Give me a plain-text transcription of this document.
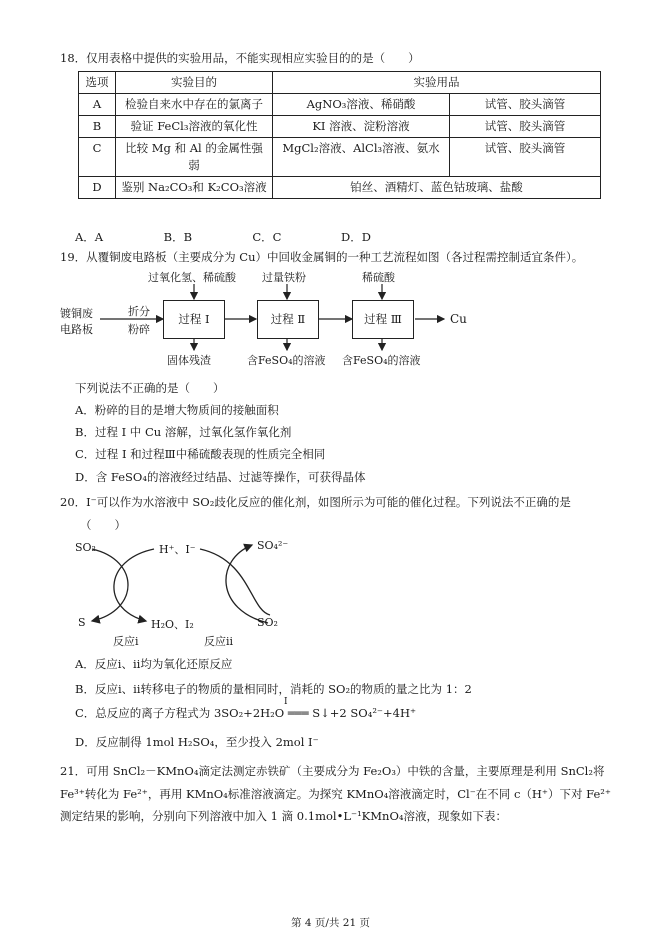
18．仅用表格中提供的实验用品，不能实现相应实验目的的是（　　）
选项	实验目的	实验用品	
A	检验自来水中存在的氯离子	AgNO₃溶液、稀硝酸	试管、胶头滴管
B	验证 FeCl₃溶液的氧化性	KI 溶液、淀粉溶液	试管、胶头滴管
C	比较 Mg 和 Al 的金属性强
弱	MgCl₂溶液、AlCl₃溶液、氨水	试管、胶头滴管
D	鉴别 Na₂CO₃和 K₂CO₃溶液	铂丝、酒精灯、蓝色钴玻璃、盐酸	
A．A	B．B	C．C	D．D
19．从覆铜废电路板（主要成分为 Cu）中回收金属铜的一种工艺流程如图（各过程需控制适宜条件）。
镀铜废
电路板
折分
粉碎
过程 I	过程 Ⅱ	过程 Ⅲ
过氧化氢、稀硫酸 过量铁粉	稀硫酸
固体残渣	含FeSO₄的溶液 含FeSO₄的溶液
Cu
下列说法不正确的是（　　）
A．粉碎的目的是增大物质间的接触面积
B．过程 I 中 Cu 溶解，过氧化氢作氧化剂
C．过程 I 和过程Ⅲ中稀硫酸表现的性质完全相同
D．含 FeSO₄的溶液经过结晶、过滤等操作，可获得晶体
20．I⁻可以作为水溶液中 SO₂歧化反应的催化剂，如图所示为可能的催化过程。下列说法不正确的是
（　　）
SO₂
S
H⁺、I⁻
H₂O、I₂
SO₄²⁻
SO₂
反应i	反应ii
A．反应ⅰ、ⅱ均为氧化还原反应
B．反应ⅰ、ⅱ转移电子的物质的量相同时，消耗的 SO₂的物质的量之比为 1：2
C．总反应的离子方程式为 3SO₂+2H₂O ═══ S↓+2 SO₄²⁻+4H⁺
I
D．反应制得 1mol H₂SO₄，至少投入 2mol I⁻
21．可用 SnCl₂－KMnO₄滴定法测定赤铁矿（主要成分为 Fe₂O₃）中铁的含量，主要原理是利用 SnCl₂将
Fe³⁺转化为 Fe²⁺，再用 KMnO₄标准溶液滴定。为探究 KMnO₄溶液滴定时，Cl⁻在不同 c（H⁺）下对 Fe²⁺
测定结果的影响，分别向下列溶液中加入 1 滴 0.1mol•L⁻¹KMnO₄溶液，现象如下表：
第 4 页/共 21 页
